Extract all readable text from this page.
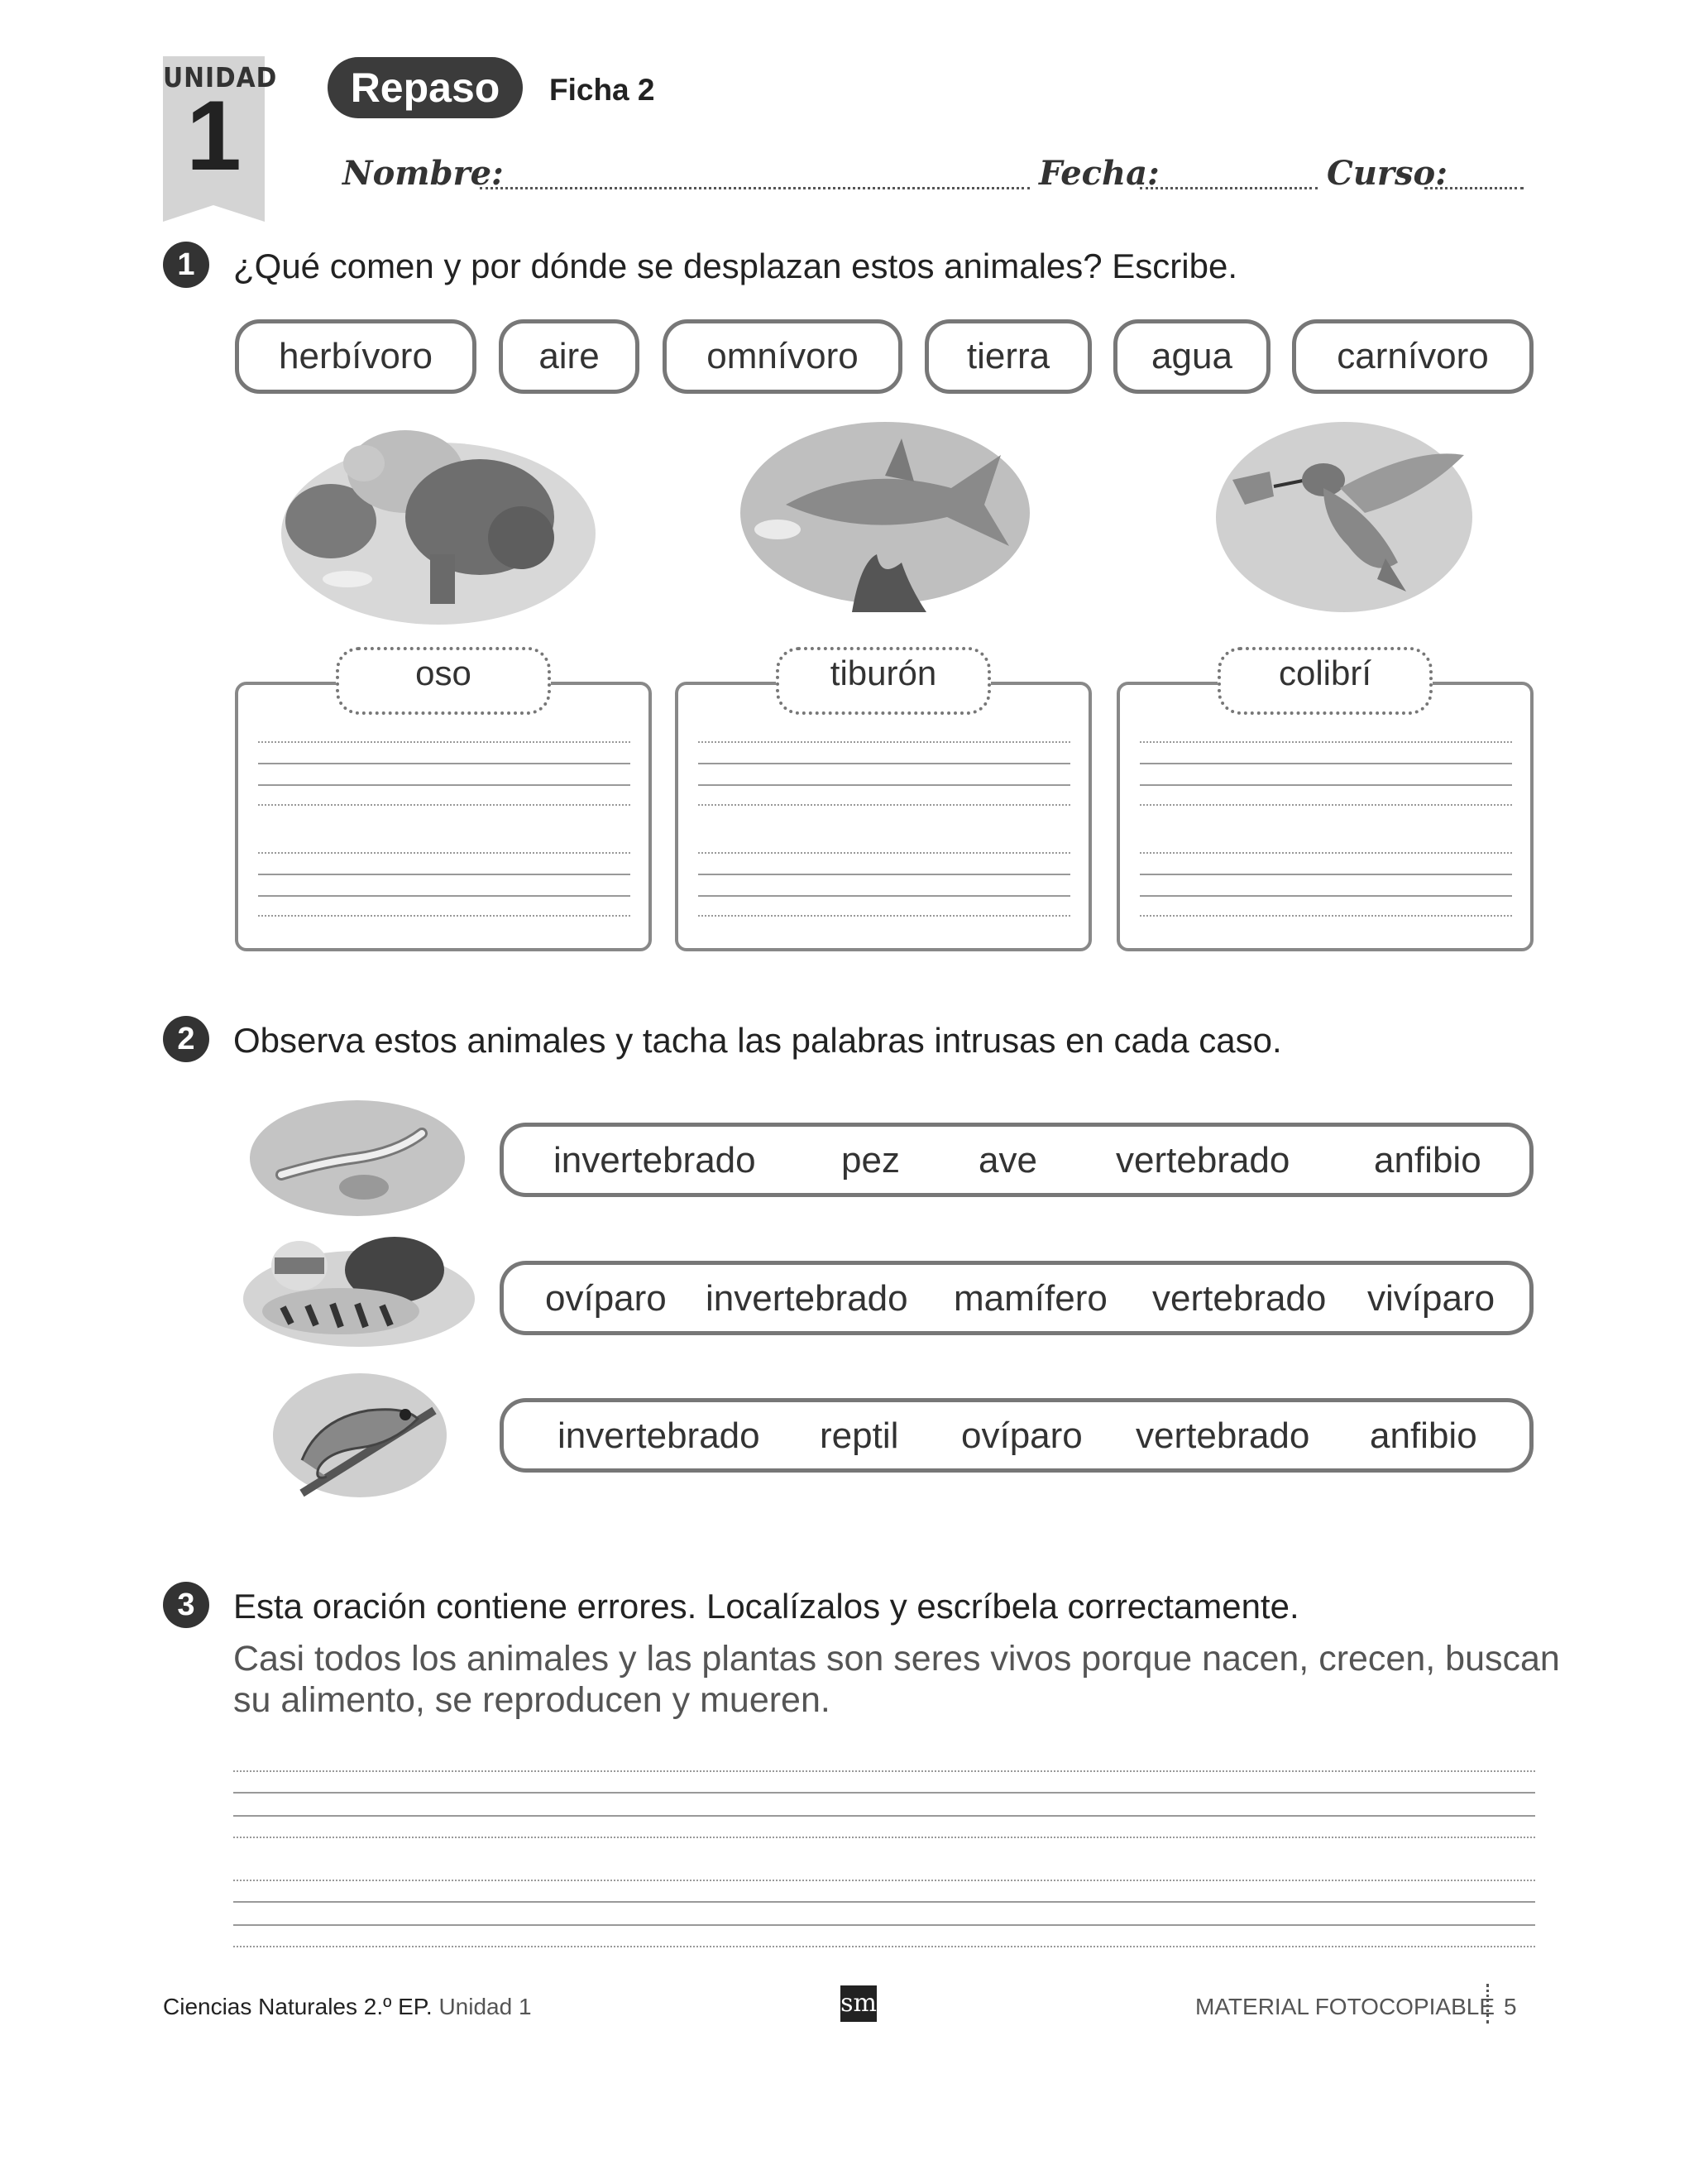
UNIDAD
1	Repaso	Ficha 2
Nombre:	Fecha:	Curso:
1	¿Qué comen y por dónde se desplazan estos animales? Escribe.
herbívoro	aire	omnívoro	tierra	agua	carnívoro
oso	tiburón	colibrí
2	Observa estos animales y tacha las palabras intrusas en cada caso.
invertebrado pez ave vertebrado anfibio
ovíparo invertebrado mamífero vertebrado vivíparo
invertebrado reptil ovíparo vertebrado anfibio
3	Esta oración contiene errores. Localízalos y escríbela correctamente.
Casi todos los animales y las plantas son seres vivos porque nacen, crecen, buscan
su alimento, se reproducen y mueren.
Ciencias Naturales 2.º EP. Unidad 1	sm	MATERIAL FOTOCOPIABLE 5
